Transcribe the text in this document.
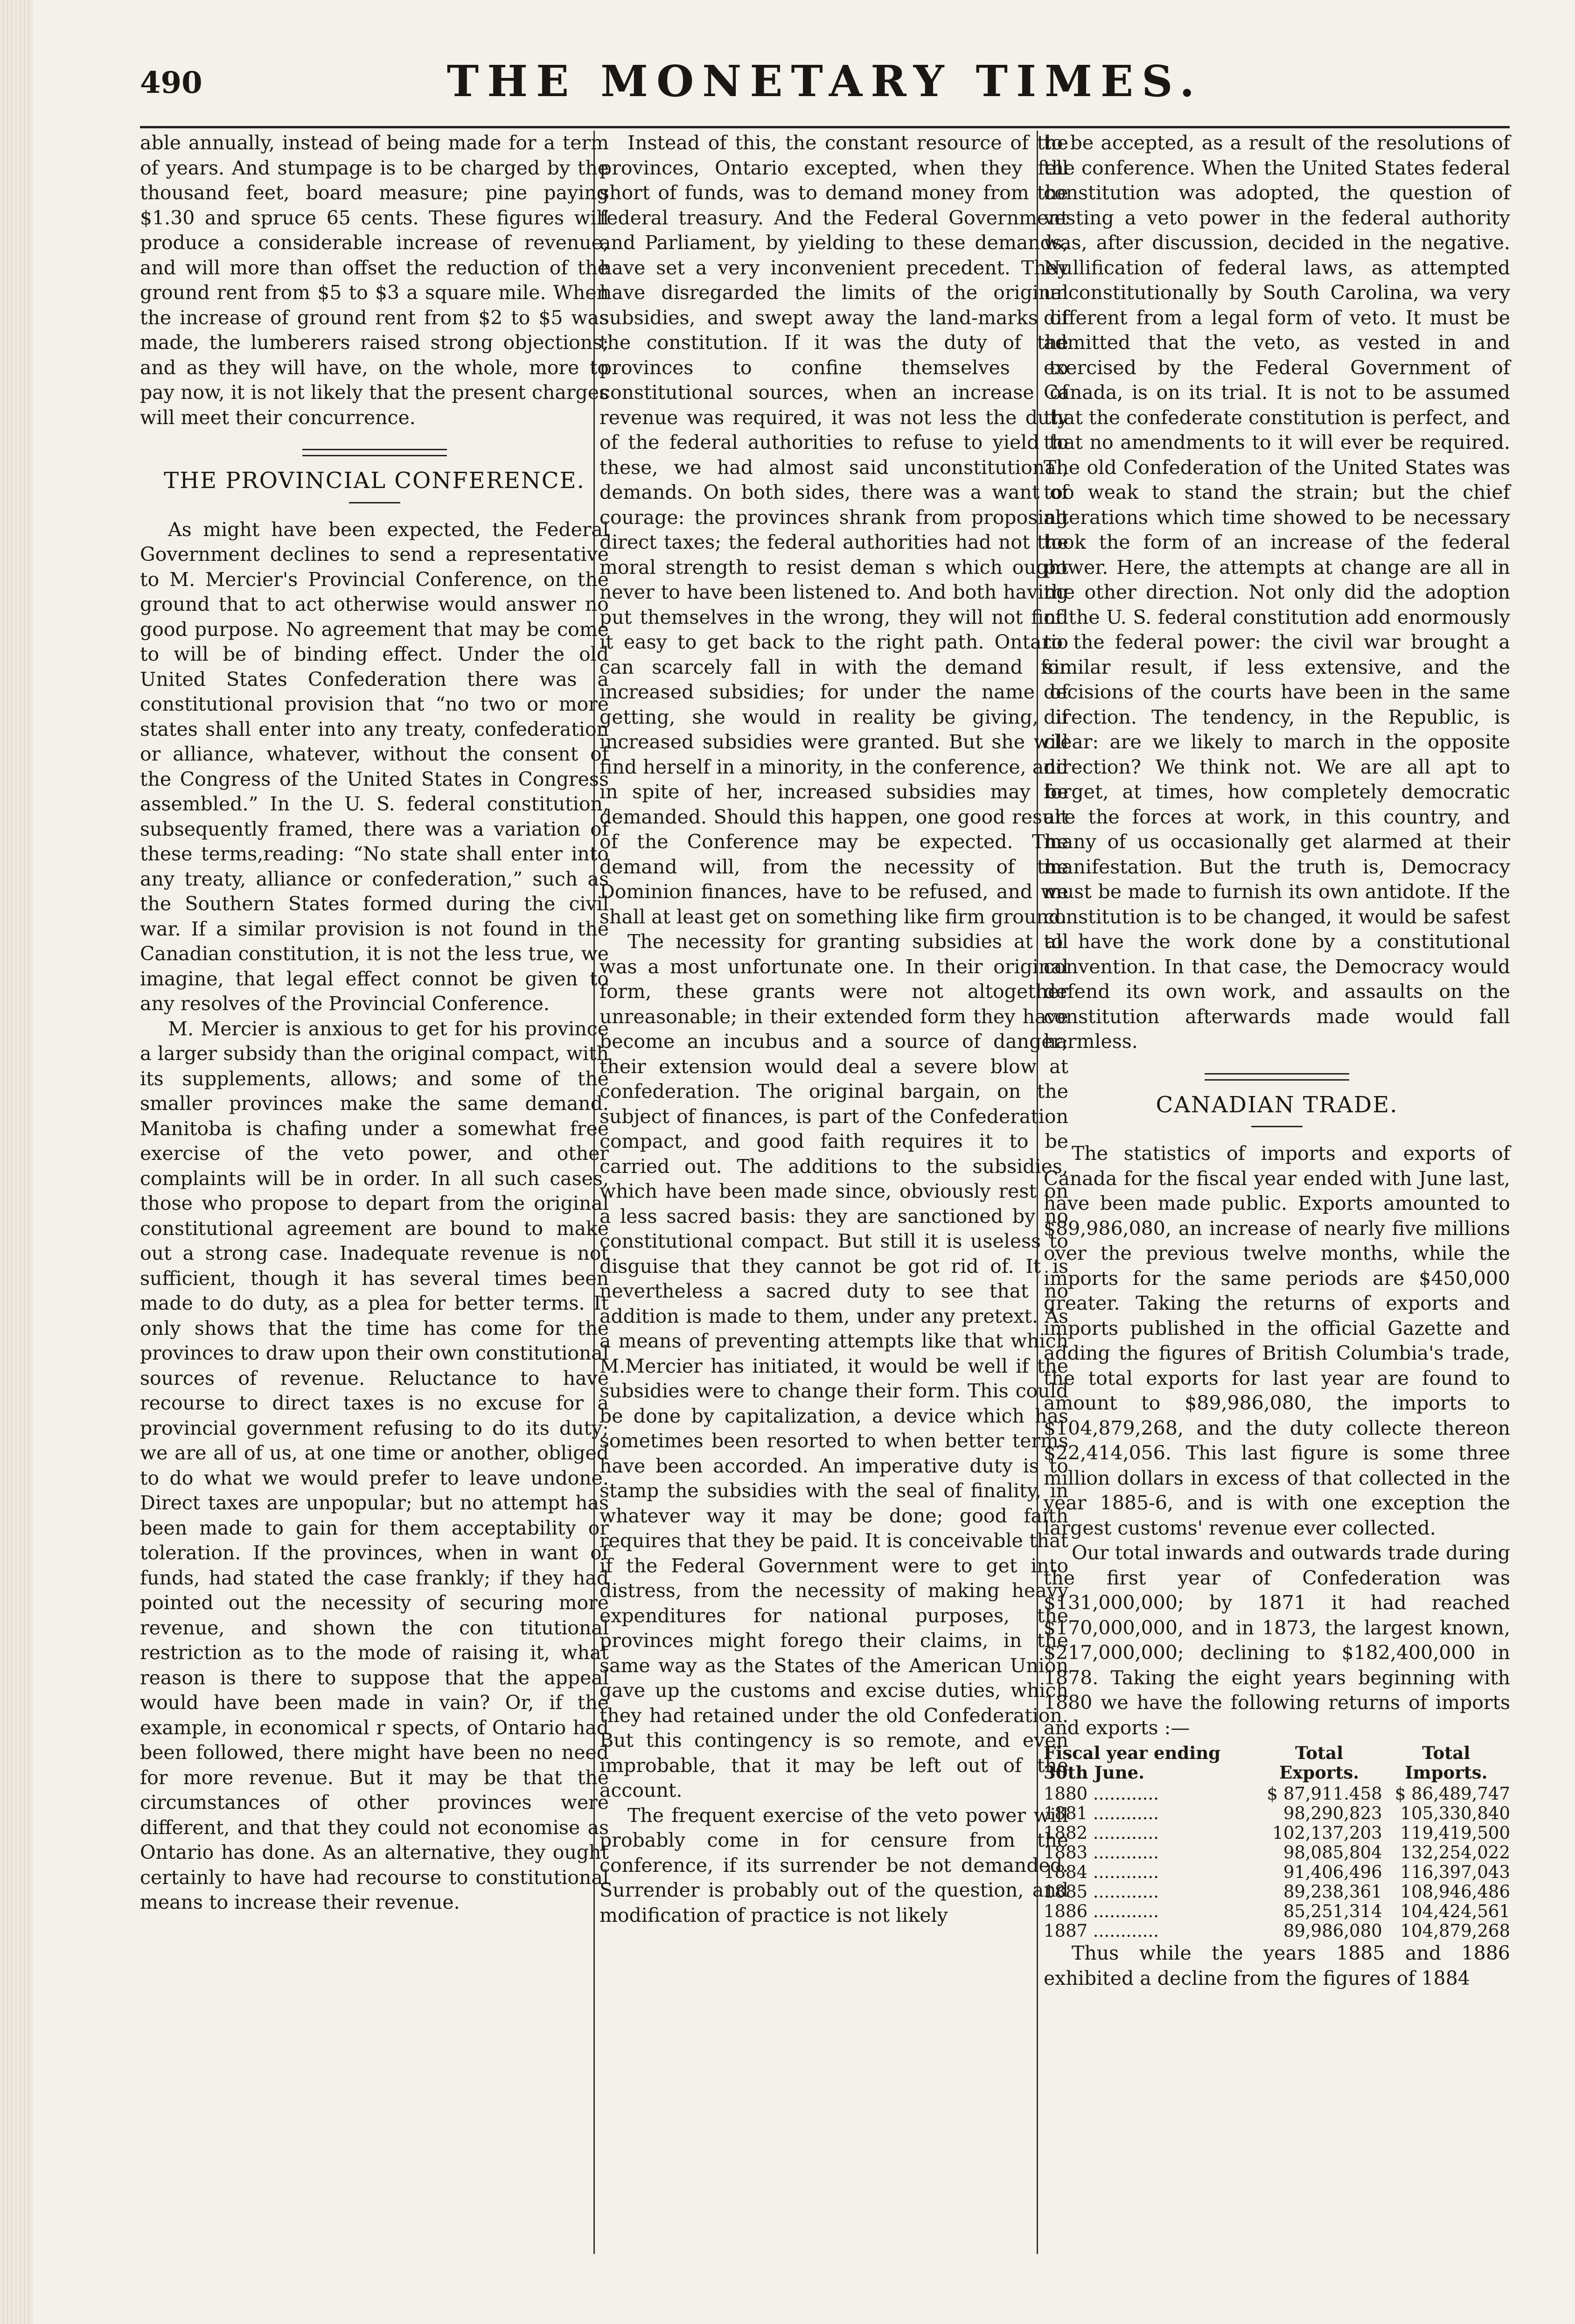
490	THE MONETARY TIMES.

able annually, instead of being made for a term of years. And stumpage is to be charged by the thousand feet, board measure; pine paying $1.30 and spruce 65 cents. These figures will produce a considerable increase of revenue, and will more than offset the reduction of the ground rent from $5 to $3 a square mile. When the increase of ground rent from $2 to $5 was made, the lumberers raised strong objections; and as they will have, on the whole, more to pay now, it is not likely that the present charges will meet their concurrence.

THE PROVINCIAL CONFERENCE.

As might have been expected, the Federal Government declines to send a representative to M. Mercier's Provincial Conference, on the ground that to act otherwise would answer no good purpose. No agreement that may be come to will be of binding effect. Under the old United States Confederation there was a constitutional provision that “no two or more states shall enter into any treaty, confederation or alliance, whatever, without the consent of the Congress of the United States in Congress assembled.” In the U. S. federal constitution, subsequently framed, there was a variation of these terms,reading: “No state shall enter into any treaty, alliance or confederation,” such as the Southern States formed during the civil war. If a similar provision is not found in the Canadian constitution, it is not the less true, we imagine, that legal effect connot be given to any resolves of the Provincial Conference.

M. Mercier is anxious to get for his province a larger subsidy than the original compact, with its supplements, allows; and some of the smaller provinces make the same demand. Manitoba is chafing under a somewhat free exercise of the veto power, and other complaints will be in order. In all such cases, those who propose to depart from the original constitutional agreement are bound to make out a strong case. Inadequate revenue is not sufficient, though it has several times been made to do duty, as a plea for better terms. It only shows that the time has come for the provinces to draw upon their own constitutional sources of revenue. Reluctance to have recourse to direct taxes is no excuse for a provincial government refusing to do its duty; we are all of us, at one time or another, obliged to do what we would prefer to leave undone. Direct taxes are unpopular; but no attempt has been made to gain for them acceptability or toleration. If the provinces, when in want of funds, had stated the case frankly; if they had pointed out the necessity of securing more revenue, and shown the con titutional restriction as to the mode of raising it, what reason is there to suppose that the appeal would have been made in vain? Or, if the example, in economical r spects, of Ontario had been followed, there might have been no need for more revenue. But it may be that the circumstances of other provinces were different, and that they could not economise as Ontario has done. As an alternative, they ought certainly to have had recourse to constitutional means to increase their revenue.

Instead of this, the constant resource of the provinces, Ontario excepted, when they fell short of funds, was to demand money from the federal treasury. And the Federal Government and Parliament, by yielding to these demands, have set a very inconvenient precedent. They have disregarded the limits of the original subsidies, and swept away the land-marks of the constitution. If it was the duty of the provinces to confine themselves to constitutional sources, when an increase of revenue was required, it was not less the duty of the federal authorities to refuse to yield to these, we had almost said unconstitutional, demands. On both sides, there was a want of courage: the provinces shrank from proposing direct taxes; the federal authorities had not the moral strength to resist deman s which ought never to have been listened to. And both having put themselves in the wrong, they will not find it easy to get back to the right path. Ontario can scarcely fall in with the demand for increased subsidies; for under the name of getting, she would in reality be giving, if increased subsidies were granted. But she will find herself in a minority, in the conference, and in spite of her, increased subsidies may be demanded. Should this happen, one good result of the Conference may be expected. The demand will, from the necessity of the Dominion finances, have to be refused, and we shall at least get on something like firm ground.

The necessity for granting subsidies at all was a most unfortunate one. In their original form, these grants were not altogether unreasonable; in their extended form they have become an incubus and a source of danger; their extension would deal a severe blow at confederation. The original bargain, on the subject of finances, is part of the Confederation compact, and good faith requires it to be carried out. The additions to the subsidies, which have been made since, obviously rest on a less sacred basis: they are sanctioned by no constitutional compact. But still it is useless to disguise that they cannot be got rid of. It is nevertheless a sacred duty to see that no addition is made to them, under any pretext. As a means of preventing attempts like that which M.Mercier has initiated, it would be well if the subsidies were to change their form. This could be done by capitalization, a device which has sometimes been resorted to when better terms have been accorded. An imperative duty is to stamp the subsidies with the seal of finality, in whatever way it may be done; good faith requires that they be paid. It is conceivable that if the Federal Government were to get into distress, from the necessity of making heavy expenditures for national purposes, the provinces might forego their claims, in the same way as the States of the American Union gave up the customs and excise duties, which they had retained under the old Confederation. But this contingency is so remote, and even improbable, that it may be left out of the account.

The frequent exercise of the veto power will probably come in for censure from the conference, if its surrender be not demanded. Surrender is probably out of the question, and modification of practice is not likely

to be accepted, as a result of the resolutions of the conference. When the United States federal constitution was adopted, the question of vesting a veto power in the federal authority was, after discussion, decided in the negative. Nullification of federal laws, as attempted unconstitutionally by South Carolina, wa very different from a legal form of veto. It must be admitted that the veto, as vested in and exercised by the Federal Government of Canada, is on its trial. It is not to be assumed that the confederate constitution is perfect, and that no amendments to it will ever be required. The old Confederation of the United States was too weak to stand the strain; but the chief alterations which time showed to be necessary took the form of an increase of the federal power. Here, the attempts at change are all in the other direction. Not only did the adoption of the U. S. federal constitution add enormously to the federal power: the civil war brought a similar result, if less extensive, and the decisions of the courts have been in the same direction. The tendency, in the Republic, is clear: are we likely to march in the opposite direction? We think not. We are all apt to forget, at times, how completely democratic are the forces at work, in this country, and many of us occasionally get alarmed at their manifestation. But the truth is, Democracy must be made to furnish its own antidote. If the constitution is to be changed, it would be safest to have the work done by a constitutional convention. In that case, the Democracy would defend its own work, and assaults on the constitution afterwards made would fall harmless.

CANADIAN TRADE.

The statistics of imports and exports of Canada for the fiscal year ended with June last, have been made public. Exports amounted to $89,986,080, an increase of nearly five millions over the previous twelve months, while the imports for the same periods are $450,000 greater. Taking the returns of exports and imports published in the official Gazette and adding the figures of British Columbia's trade, the total exports for last year are found to amount to $89,986,080, the imports to $104,879,268, and the duty collecte thereon $22,414,056. This last figure is some three million dollars in excess of that collected in the year 1885-6, and is with one exception the largest customs' revenue ever collected.

Our total inwards and outwards trade during the first year of Confederation was $131,000,000; by 1871 it had reached $170,000,000, and in 1873, the largest known, $217,000,000; declining to $182,400,000 in 1878. Taking the eight years beginning with 1880 we have the following returns of imports and exports :—

Fiscal year ending 30th June.	Total Exports.	Total Imports.
1880 ............	$ 87,911.458	$ 86,489,747
1881 ............	98,290,823	105,330,840
1882 ............	102,137,203	119,419,500
1883 ............	98,085,804	132,254,022
1884 ............	91,406,496	116,397,043
1885 ............	89,238,361	108,946,486
1886 ............	85,251,314	104,424,561
1887 ............	89,986,080	104,879,268

Thus while the years 1885 and 1886 exhibited a decline from the figures of 1884
